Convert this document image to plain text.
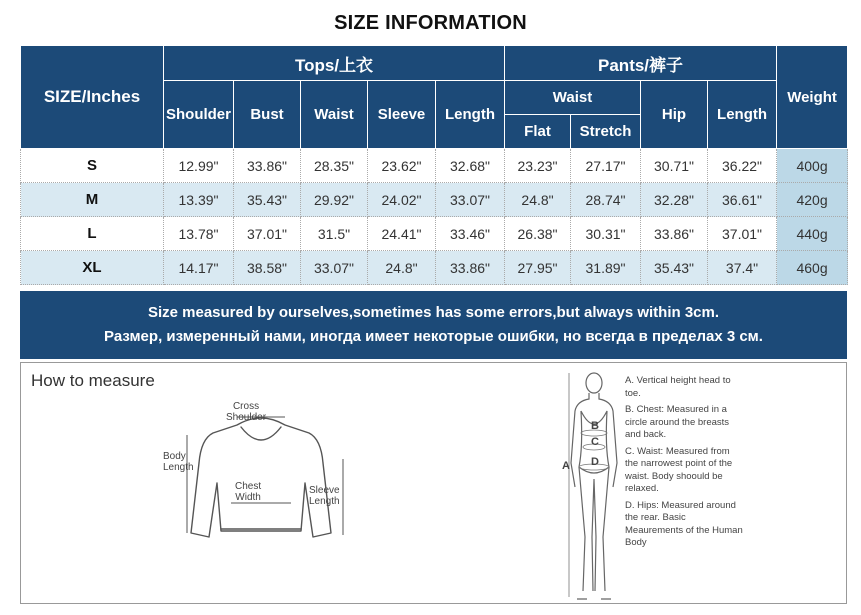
SIZE INFORMATION
SIZE/Inches	Tops/上衣					Pants/裤子				Weight
	Shoulder	Bust	Waist	Sleeve	Length	Waist		Hip	Length	
						Flat	Stretch			
S	12.99"	33.86"	28.35"	23.62"	32.68"	23.23"	27.17"	30.71"	36.22"	400g
M	13.39"	35.43"	29.92"	24.02"	33.07"	24.8"	28.74"	32.28"	36.61"	420g
L	13.78"	37.01"	31.5"	24.41"	33.46"	26.38"	30.31"	33.86"	37.01"	440g
XL	14.17"	38.58"	33.07"	24.8"	33.86"	27.95"	31.89"	35.43"	37.4"	460g
Size measured by ourselves,sometimes has some errors,but always within 3cm.
Размер, измеренный нами, иногда имеет некоторые ошибки, но всегда в пределах 3 см.
How to measure
Cross
Shoulder
Body
Length
Chest
Width
Sleeve
Length
A
B
C
D
A. Vertical height head to toe.
B. Chest: Measured in a circle around the breasts and back.
C. Waist: Measured from the narrowest point of the waist. Body shoould be relaxed.
D. Hips: Measured around the rear. Basic Meaurements of the Human Body
